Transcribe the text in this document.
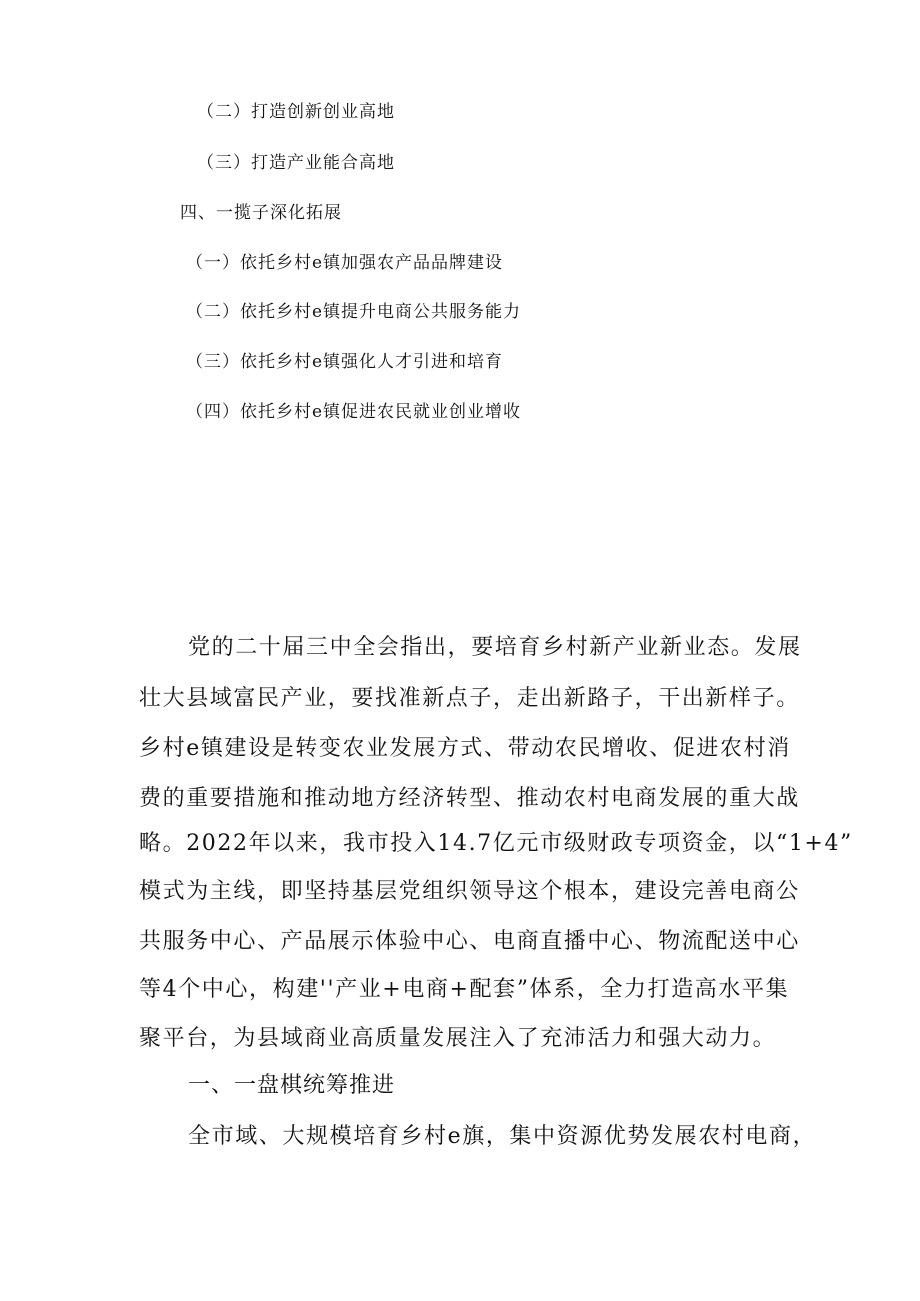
（二）打造创新创业高地
（三）打造产业能合高地
四、一揽子深化拓展
（一）依托乡村e镇加强农产品品牌建设
（二）依托乡村e镇提升电商公共服务能力
（三）依托乡村e镇强化人才引进和培育
（四）依托乡村e镇促进农民就业创业增收
党的二十届三中全会指出，要培育乡村新产业新业态。发展
壮大县域富民产业，要找准新点子，走出新路子，干出新样子。
乡村e镇建设是转变农业发展方式、带动农民增收、促进农村消
费的重要措施和推动地方经济转型、推动农村电商发展的重大战
略。2022年以来，我市投入14.7亿元市级财政专项资金，以“1+4”
模式为主线，即坚持基层党组织领导这个根本，建设完善电商公
共服务中心、产品展示体验中心、电商直播中心、物流配送中心
等4个中心，构建''产业+电商+配套”体系，全力打造高水平集
聚平台，为县域商业高质量发展注入了充沛活力和强大动力。
一、一盘棋统筹推进
全市域、大规模培育乡村e旗，集中资源优势发展农村电商，
